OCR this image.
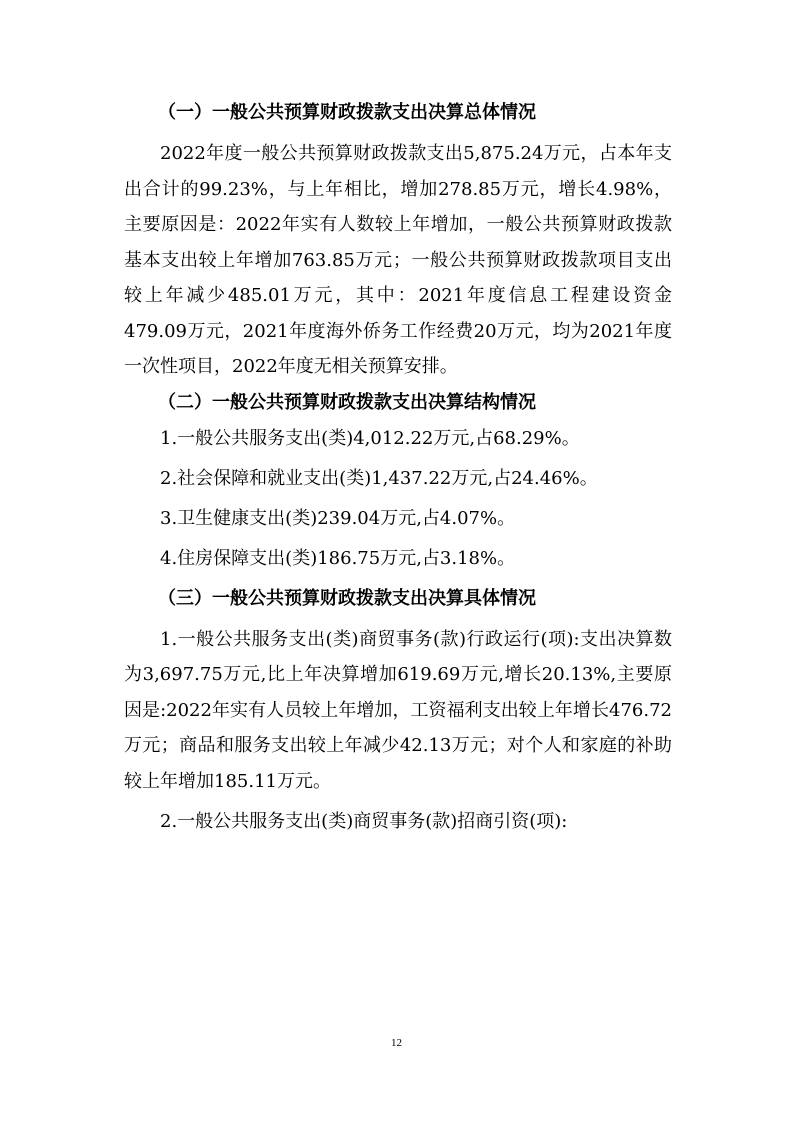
（一）一般公共预算财政拨款支出决算总体情况

2022年度一般公共预算财政拨款支出5,875.24万元，占本年支出合计的99.23%，与上年相比，增加278.85万元，增长4.98%，主要原因是：2022年实有人数较上年增加，一般公共预算财政拨款基本支出较上年增加763.85万元；一般公共预算财政拨款项目支出较上年减少485.01万元，其中：2021年度信息工程建设资金479.09万元，2021年度海外侨务工作经费20万元，均为2021年度一次性项目，2022年度无相关预算安排。

（二）一般公共预算财政拨款支出决算结构情况
1.一般公共服务支出(类)4,012.22万元,占68.29%。
2.社会保障和就业支出(类)1,437.22万元,占24.46%。
3.卫生健康支出(类)239.04万元,占4.07%。
4.住房保障支出(类)186.75万元,占3.18%。
（三）一般公共预算财政拨款支出决算具体情况

1.一般公共服务支出(类)商贸事务(款)行政运行(项):支出决算数为3,697.75万元,比上年决算增加619.69万元,增长20.13%,主要原因是:2022年实有人员较上年增加，工资福利支出较上年增长476.72万元；商品和服务支出较上年减少42.13万元；对个人和家庭的补助较上年增加185.11万元。

2.一般公共服务支出(类)商贸事务(款)招商引资(项):

12
